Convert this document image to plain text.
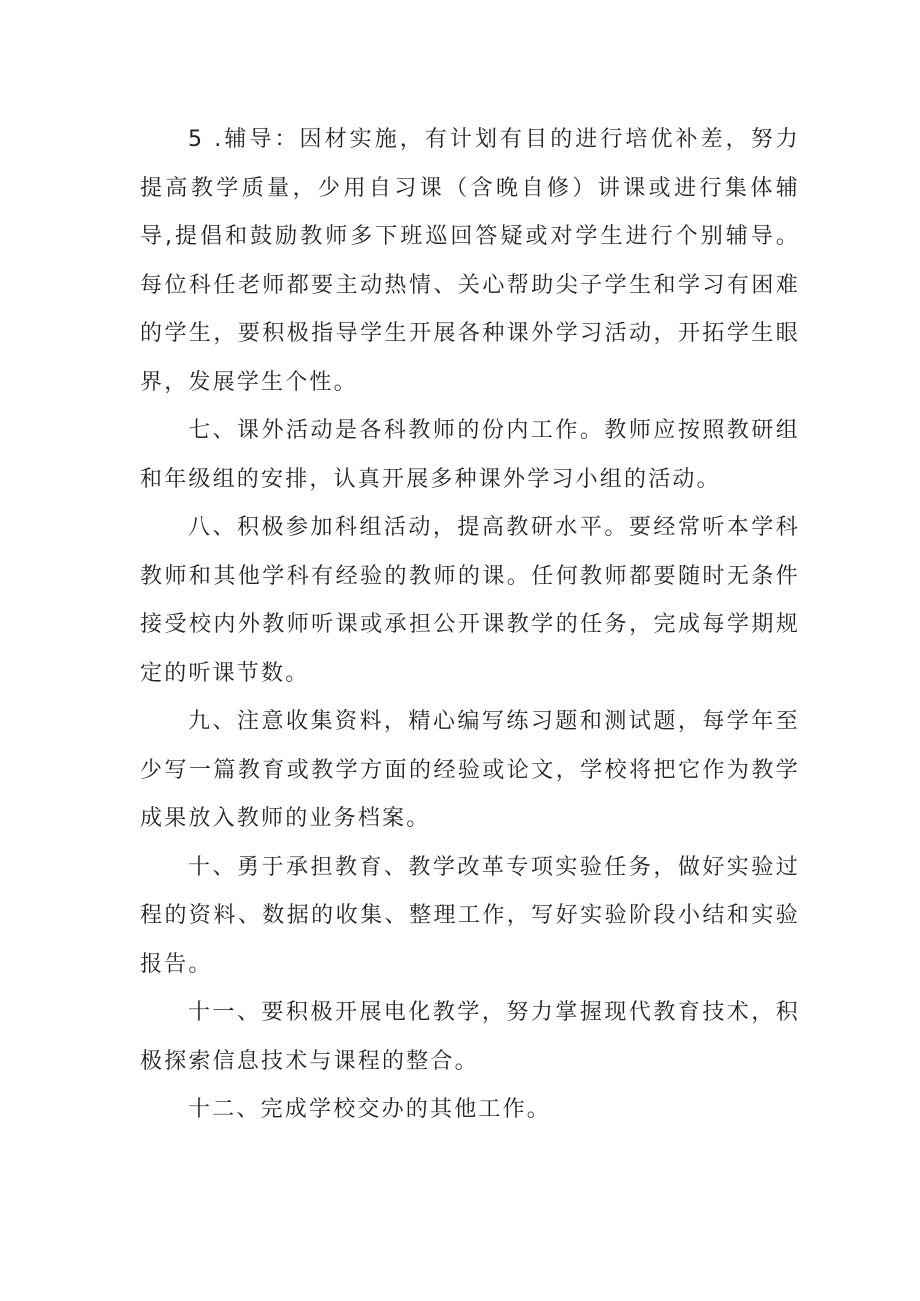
5 .辅导：因材实施，有计划有目的进行培优补差，努力提高教学质量，少用自习课（含晚自修）讲课或进行集体辅导,提倡和鼓励教师多下班巡回答疑或对学生进行个别辅导。每位科任老师都要主动热情、关心帮助尖子学生和学习有困难的学生，要积极指导学生开展各种课外学习活动，开拓学生眼界，发展学生个性。

七、课外活动是各科教师的份内工作。教师应按照教研组和年级组的安排，认真开展多种课外学习小组的活动。

八、积极参加科组活动，提高教研水平。要经常听本学科教师和其他学科有经验的教师的课。任何教师都要随时无条件接受校内外教师听课或承担公开课教学的任务，完成每学期规定的听课节数。

九、注意收集资料，精心编写练习题和测试题，每学年至少写一篇教育或教学方面的经验或论文，学校将把它作为教学成果放入教师的业务档案。

十、勇于承担教育、教学改革专项实验任务，做好实验过程的资料、数据的收集、整理工作，写好实验阶段小结和实验报告。

十一、要积极开展电化教学，努力掌握现代教育技术，积极探索信息技术与课程的整合。

十二、完成学校交办的其他工作。
